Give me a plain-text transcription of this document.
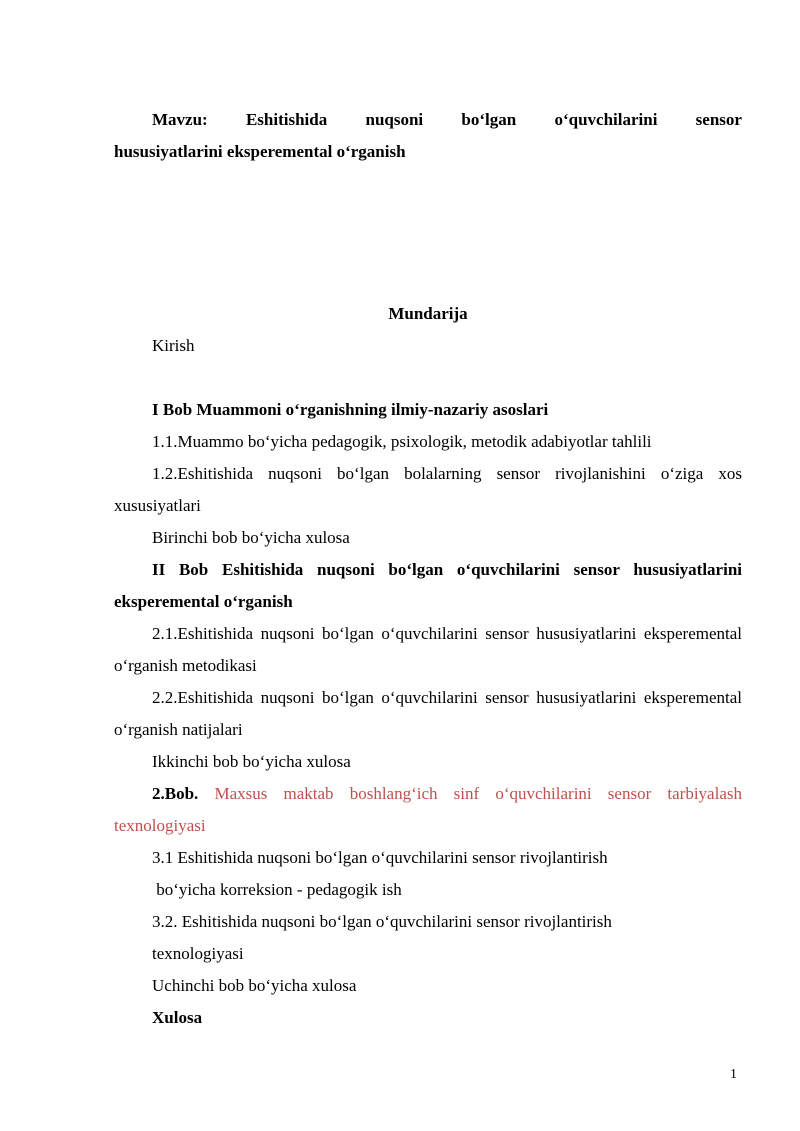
Mavzu: Eshitishida nuqsoni bo‘lgan o‘quvchilarini sensor
hususiyatlarini eksperemental o‘rganish
Mundarija
Kirish
I Bob Muammoni o‘rganishning ilmiy-nazariy asoslari
1.1.Muammo bo‘yicha pedagogik, psixologik, metodik adabiyotlar tahlili
1.2.Eshitishida nuqsoni bo‘lgan bolalarning sensor rivojlanishini o‘ziga xos xususiyatlari
Birinchi bob bo‘yicha xulosa
II Bob Eshitishida nuqsoni bo‘lgan o‘quvchilarini sensor hususiyatlarini eksperemental o‘rganish
2.1.Eshitishida nuqsoni bo‘lgan o‘quvchilarini sensor hususiyatlarini eksperemental o‘rganish metodikasi
2.2.Eshitishida nuqsoni bo‘lgan o‘quvchilarini sensor hususiyatlarini eksperemental o‘rganish natijalari
Ikkinchi bob bo‘yicha xulosa
2.Bob. Maxsus maktab boshlang‘ich sinf o‘quvchilarini sensor tarbiyalash texnologiyasi
3.1 Eshitishida nuqsoni bo‘lgan o‘quvchilarini sensor rivojlantirish
bo‘yicha korreksion - pedagogik ish
3.2. Eshitishida nuqsoni bo‘lgan o‘quvchilarini sensor rivojlantirish
texnologiyasi
Uchinchi bob bo‘yicha xulosa
Xulosa
1
